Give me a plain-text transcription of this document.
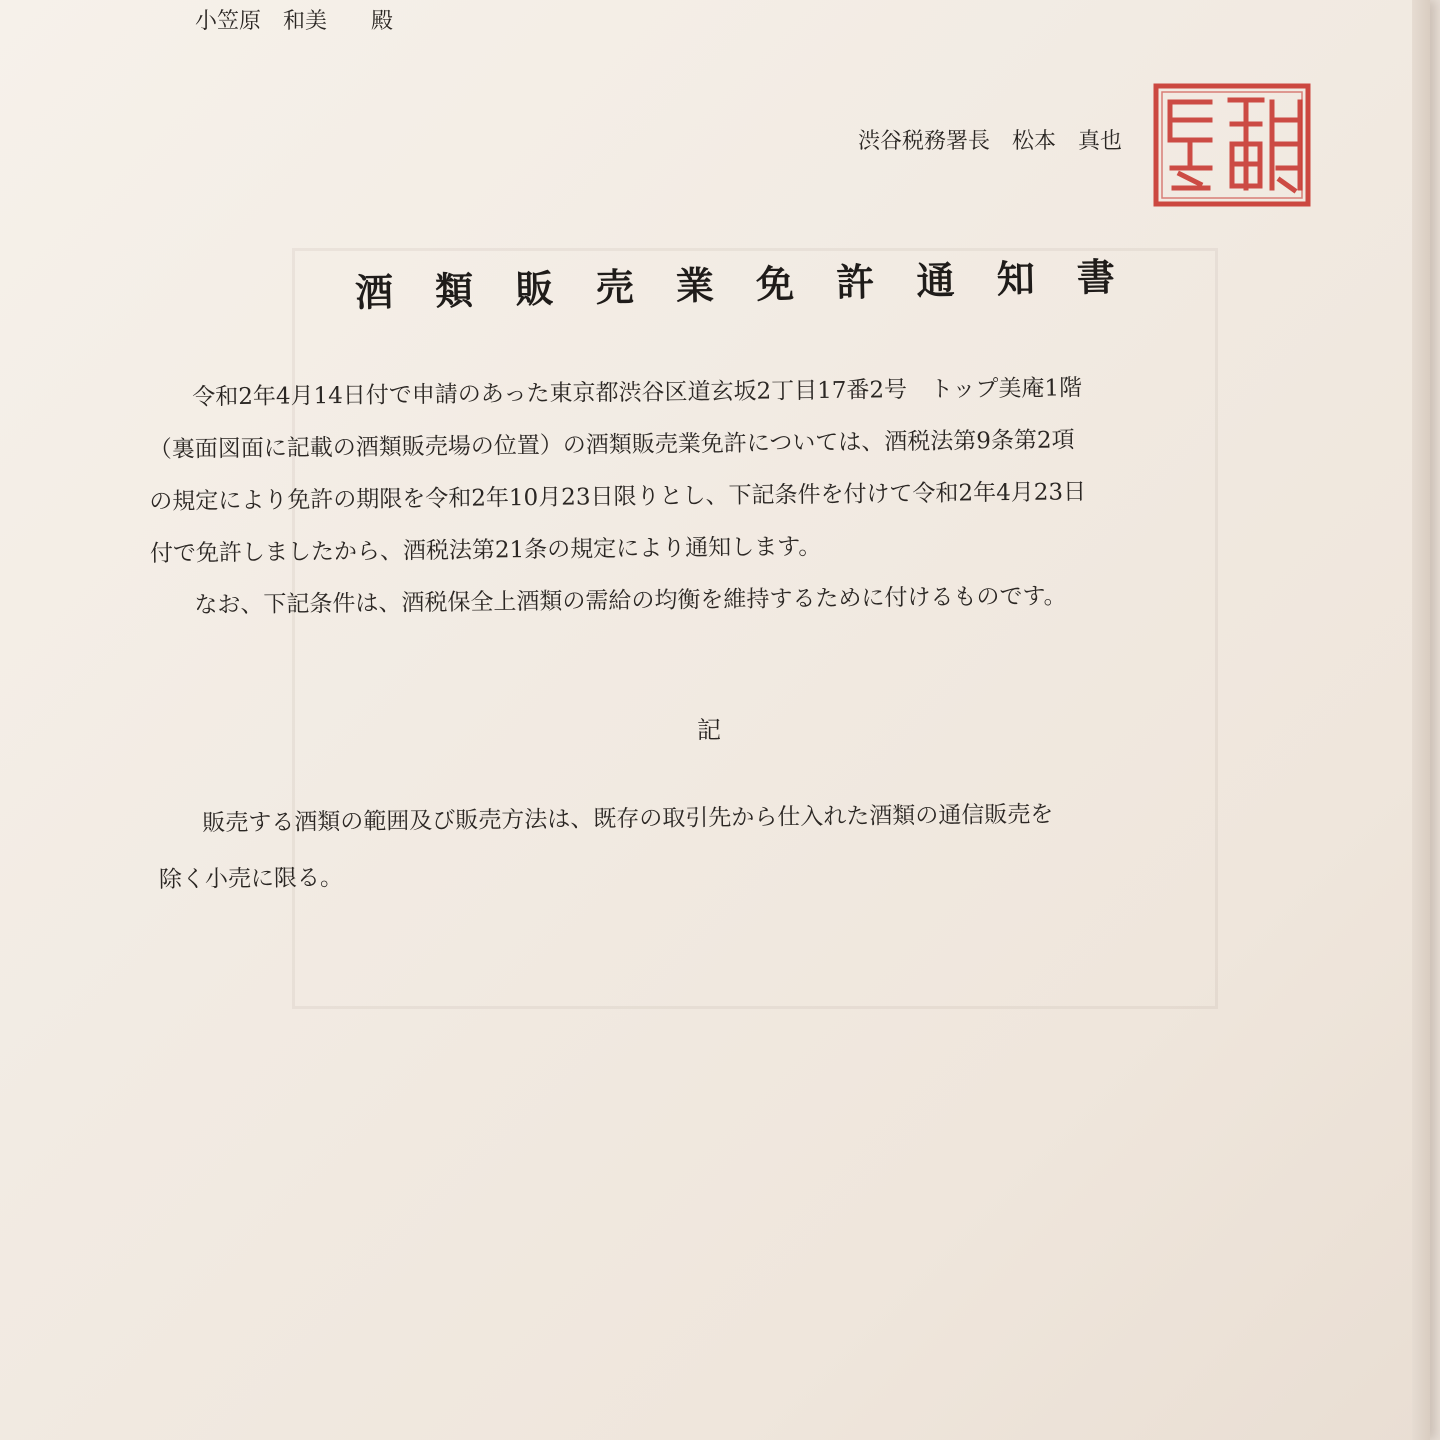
小笠原　和美　　殿
渋谷税務署長　松本　真也
酒 類 販 売 業 免 許 通 知 書

令和2年4月14日付で申請のあった東京都渋谷区道玄坂2丁目17番2号　トップ美庵1階

（裏面図面に記載の酒類販売場の位置）の酒類販売業免許については、酒税法第9条第2項

の規定により免許の期限を令和2年10月23日限りとし、下記条件を付けて令和2年4月23日

付で免許しましたから、酒税法第21条の規定により通知します。

なお、下記条件は、酒税保全上酒類の需給の均衡を維持するために付けるものです。

記

販売する酒類の範囲及び販売方法は、既存の取引先から仕入れた酒類の通信販売を

除く小売に限る。
